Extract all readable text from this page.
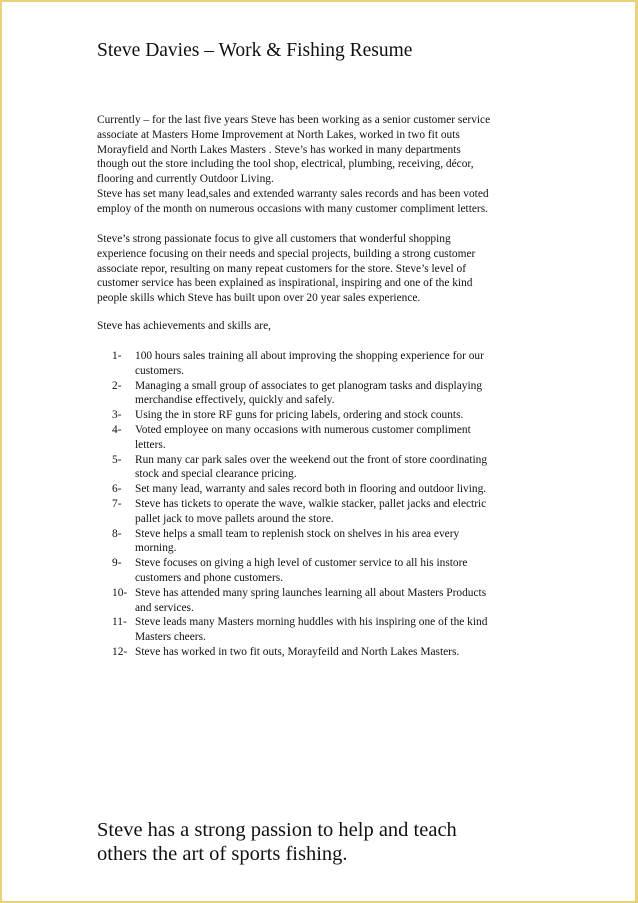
Steve Davies – Work & Fishing Resume
Currently – for the last five years Steve has been working as a senior customer service
associate at Masters Home Improvement at North Lakes, worked in two fit outs
Morayfield and North Lakes Masters . Steve’s has worked in many departments
though out the store including the tool shop, electrical, plumbing, receiving, décor,
flooring and currently Outdoor Living.
Steve has set many lead,sales and extended warranty sales records and has been voted
employ of the month on numerous occasions with many customer compliment letters.
Steve’s strong passionate focus to give all customers that wonderful shopping
experience focusing on their needs and special projects, building a strong customer
associate repor, resulting on many repeat customers for the store. Steve’s level of
customer service has been explained as inspirational, inspiring and one of the kind
people skills which Steve has built upon over 20 year sales experience.
Steve has achievements and skills are,
1- 100 hours sales training all about improving the shopping experience for our
customers.
2- Managing a small group of associates to get planogram tasks and displaying
merchandise effectively, quickly and safely.
3- Using the in store RF guns for pricing labels, ordering and stock counts.
4- Voted employee on many occasions with numerous customer compliment
letters.
5- Run many car park sales over the weekend out the front of store coordinating
stock and special clearance pricing.
6- Set many lead, warranty and sales record both in flooring and outdoor living.
7- Steve has tickets to operate the wave, walkie stacker, pallet jacks and electric
pallet jack to move pallets around the store.
8- Steve helps a small team to replenish stock on shelves in his area every
morning.
9- Steve focuses on giving a high level of customer service to all his instore
customers and phone customers.
10- Steve has attended many spring launches learning all about Masters Products
and services.
11- Steve leads many Masters morning huddles with his inspiring one of the kind
Masters cheers.
12- Steve has worked in two fit outs, Morayfeild and North Lakes Masters.
Steve has a strong passion to help and teach
others the art of sports fishing.
